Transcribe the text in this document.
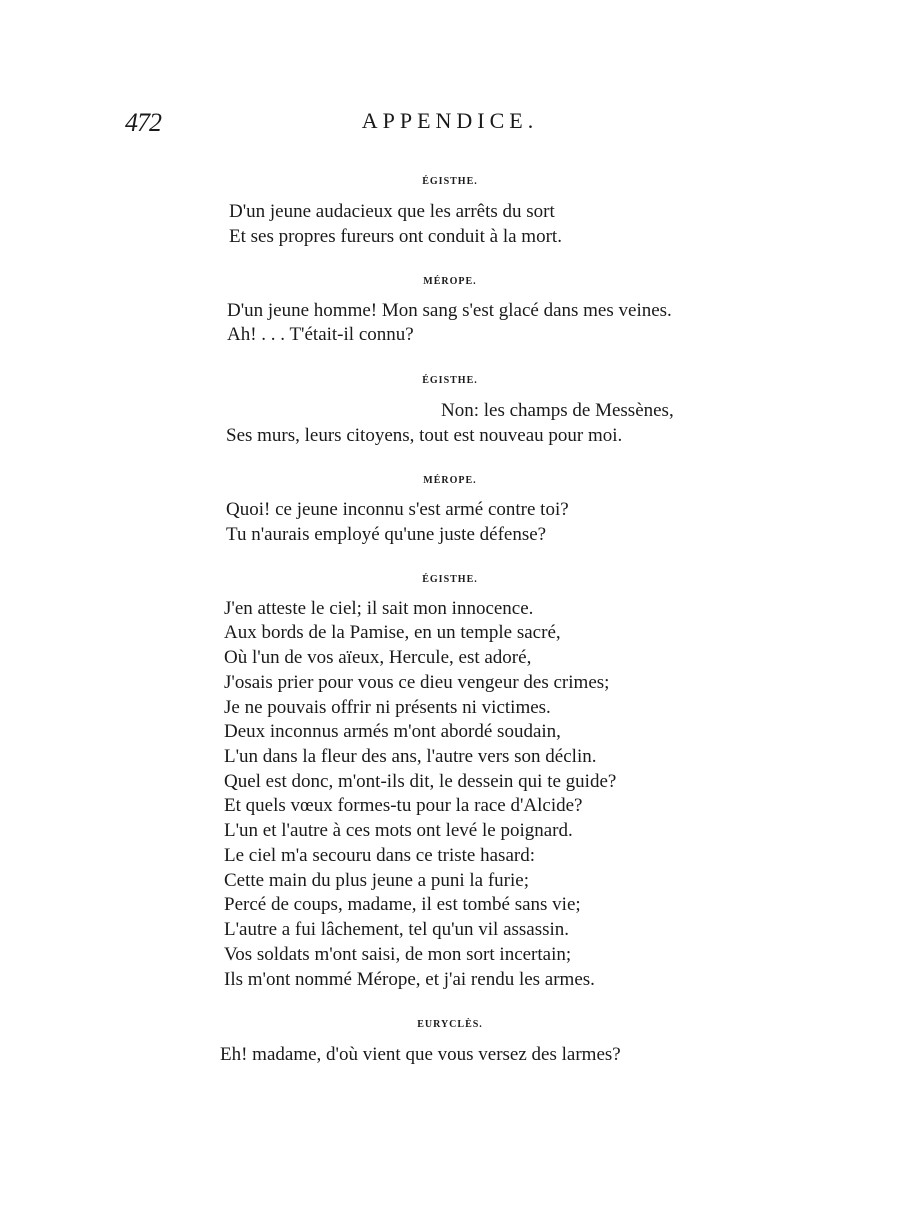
472	APPENDICE.
ÉGISTHE.
D'un jeune audacieux que les arrêts du sort
Et ses propres fureurs ont conduit à la mort.
MÉROPE.
D'un jeune homme! Mon sang s'est glacé dans mes veines.
Ah! . . . T'était-il connu?
ÉGISTHE.
Non: les champs de Messènes,
Ses murs, leurs citoyens, tout est nouveau pour moi.
MÉROPE.
Quoi! ce jeune inconnu s'est armé contre toi?
Tu n'aurais employé qu'une juste défense?
ÉGISTHE.
J'en atteste le ciel; il sait mon innocence.
Aux bords de la Pamise, en un temple sacré,
Où l'un de vos aïeux, Hercule, est adoré,
J'osais prier pour vous ce dieu vengeur des crimes;
Je ne pouvais offrir ni présents ni victimes.
Deux inconnus armés m'ont abordé soudain,
L'un dans la fleur des ans, l'autre vers son déclin.
Quel est donc, m'ont-ils dit, le dessein qui te guide?
Et quels vœux formes-tu pour la race d'Alcide?
L'un et l'autre à ces mots ont levé le poignard.
Le ciel m'a secouru dans ce triste hasard:
Cette main du plus jeune a puni la furie;
Percé de coups, madame, il est tombé sans vie;
L'autre a fui lâchement, tel qu'un vil assassin.
Vos soldats m'ont saisi, de mon sort incertain;
Ils m'ont nommé Mérope, et j'ai rendu les armes.
EURYCLÈS.
Eh! madame, d'où vient que vous versez des larmes?
